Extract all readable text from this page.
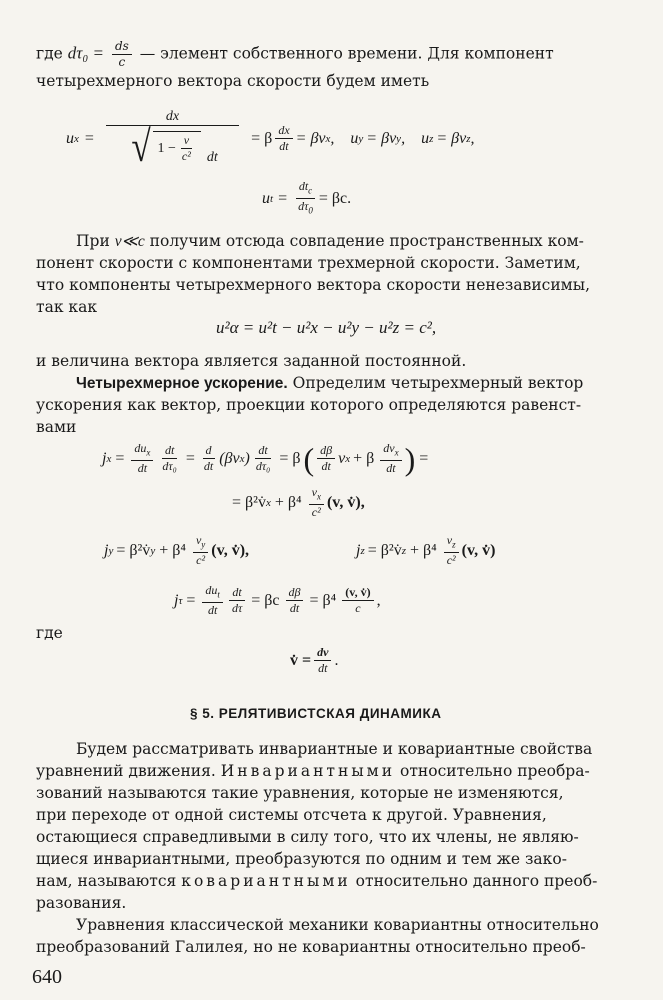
где $d\tau_0 = \frac{ds}{c}$ — элемент собственного времени. Для компонент
четырехмерного вектора скорости будем иметь
u $x = \frac{dx}{√ 1 - \frac{v}{\text{c²}} dt} = \beta \frac{dx}{dt} = \beta v$ x , u y = βv y , u z = βv z ,
u $t = \frac{dt_c}{d\tau_0} = \beta c$.
При v≪c получим отсюда совпадение пространственных ком-
понент скорости с компонентами трехмерной скорости. Заметим,
что компоненты четырехмерного вектора скорости ненезависимы,
так как
u²α = u²t − u²x − u²y − u²z = c²,
и величина вектора является заданной постоянной.
Четырехмерное ускорение. Определим четырехмерный вектор
ускорения как вектор, проекции которого определяются равенст-
вами
j $x = \frac{du_x}{dt} \frac{dt}{\text{dτ₀}} = \frac{d}{dt} (\beta v$ x ) $\frac{dt}{\text{dτ₀}} = \beta$ ( $\frac{d\beta}{dt}$ v x + β $\frac{dv_x}{dt}$ ) =
= β²v̇ $x + \beta^4 \frac{v_x}{\text{c²}} (v$, v̇),
j y = β²v̇ $y + \beta^4 \frac{v_y}{\text{c²}} (v$, v̇),	j z = β²v̇ $z + \beta^4 \frac{v_z}{\text{c²}} (v$, v̇)
j $\tau = \frac{du_t}{dt} \frac{dt}{d\tau} = \beta c \frac{d\beta}{dt} = \beta^4 \frac{(v, v̇)}{c}$ ,
где
v̇ = $\frac{dv}{dt}$ .
§ 5. РЕЛЯТИВИСТСКАЯ ДИНАМИКА
Будем рассматривать инвариантные и ковариантные свойства
уравнений движения. Инвариантными относительно преобра-
зований называются такие уравнения, которые не изменяются,
при переходе от одной системы отсчета к другой. Уравнения,
остающиеся справедливыми в силу того, что их члены, не являю-
щиеся инвариантными, преобразуются по одним и тем же зако-
нам, называются ковариантными относительно данного преоб-
разования.
Уравнения классической механики ковариантны относительно
преобразований Галилея, но не ковариантны относительно преоб-
640
